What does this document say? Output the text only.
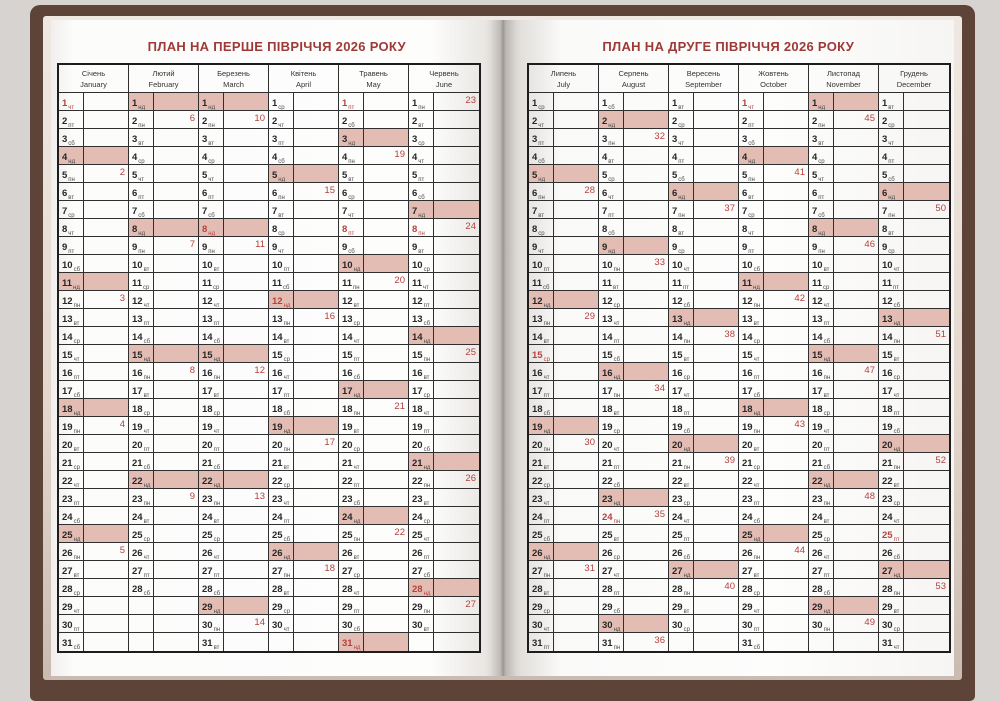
ПЛАН НА ПЕРШЕ ПІВРІЧЧЯ 2026 РОКУ
Січень
January
1чт
2пт
3сб
4нд
5пн
2
6вт
7ср
8чт
9пт
10сб
11нд
12пн
3
13вт
14ср
15чт
16пт
17сб
18нд
19пн
4
20вт
21ср
22чт
23пт
24сб
25нд
26пн
5
27вт
28ср
29чт
30пт
31сб
Лютий
February
1нд
2пн
6
3вт
4ср
5чт
6пт
7сб
8нд
9пн
7
10вт
11ср
12чт
13пт
14сб
15нд
16пн
8
17вт
18ср
19чт
20пт
21сб
22нд
23пн
9
24вт
25ср
26чт
27пт
28сб
Березень
March
1нд
2пн
10
3вт
4ср
5чт
6пт
7сб
8нд
9пн
11
10вт
11ср
12чт
13пт
14сб
15нд
16пн
12
17вт
18ср
19чт
20пт
21сб
22нд
23пн
13
24вт
25ср
26чт
27пт
28сб
29нд
30пн
14
31вт
Квітень
April
1ср
2чт
3пт
4сб
5нд
6пн
15
7вт
8ср
9чт
10пт
11сб
12нд
13пн
16
14вт
15ср
16чт
17пт
18сб
19нд
20пн
17
21вт
22ср
23чт
24пт
25сб
26нд
27пн
18
28вт
29ср
30чт
Травень
May
1пт
2сб
3нд
4пн
19
5вт
6ср
7чт
8пт
9сб
10нд
11пн
20
12вт
13ср
14чт
15пт
16сб
17нд
18пн
21
19вт
20ср
21чт
22пт
23сб
24нд
25пн
22
26вт
27ср
28чт
29пт
30сб
31нд
Червень
June
1пн
23
2вт
3ср
4чт
5пт
6сб
7нд
8пн
24
9вт
10ср
11чт
12пт
13сб
14нд
15пн
25
16вт
17ср
18чт
19пт
20сб
21нд
22пн
26
23вт
24ср
25чт
26пт
27сб
28нд
29пн
27
30вт
ПЛАН НА ДРУГЕ ПІВРІЧЧЯ 2026 РОКУ
Липень
July
1ср
2чт
3пт
4сб
5нд
6пн
28
7вт
8ср
9чт
10пт
11сб
12нд
13пн
29
14вт
15ср
16чт
17пт
18сб
19нд
20пн
30
21вт
22ср
23чт
24пт
25сб
26нд
27пн
31
28вт
29ср
30чт
31пт
Серпень
August
1сб
2нд
3пн
32
4вт
5ср
6чт
7пт
8сб
9нд
10пн
33
11вт
12ср
13чт
14пт
15сб
16нд
17пн
34
18вт
19ср
20чт
21пт
22сб
23нд
24пн
35
25вт
26ср
27чт
28пт
29сб
30нд
31пн
36
Вересень
September
1вт
2ср
3чт
4пт
5сб
6нд
7пн
37
8вт
9ср
10чт
11пт
12сб
13нд
14пн
38
15вт
16ср
17чт
18пт
19сб
20нд
21пн
39
22вт
23ср
24чт
25пт
26сб
27нд
28пн
40
29вт
30ср
Жовтень
October
1чт
2пт
3сб
4нд
5пн
41
6вт
7ср
8чт
9пт
10сб
11нд
12пн
42
13вт
14ср
15чт
16пт
17сб
18нд
19пн
43
20вт
21ср
22чт
23пт
24сб
25нд
26пн
44
27вт
28ср
29чт
30пт
31сб
Листопад
November
1нд
2пн
45
3вт
4ср
5чт
6пт
7сб
8нд
9пн
46
10вт
11ср
12чт
13пт
14сб
15нд
16пн
47
17вт
18ср
19чт
20пт
21сб
22нд
23пн
48
24вт
25ср
26чт
27пт
28сб
29нд
30пн
49
Грудень
December
1вт
2ср
3чт
4пт
5сб
6нд
7пн
50
8вт
9ср
10чт
11пт
12сб
13нд
14пн
51
15вт
16ср
17чт
18пт
19сб
20нд
21пн
52
22вт
23ср
24чт
25пт
26сб
27нд
28пн
53
29вт
30ср
31чт
